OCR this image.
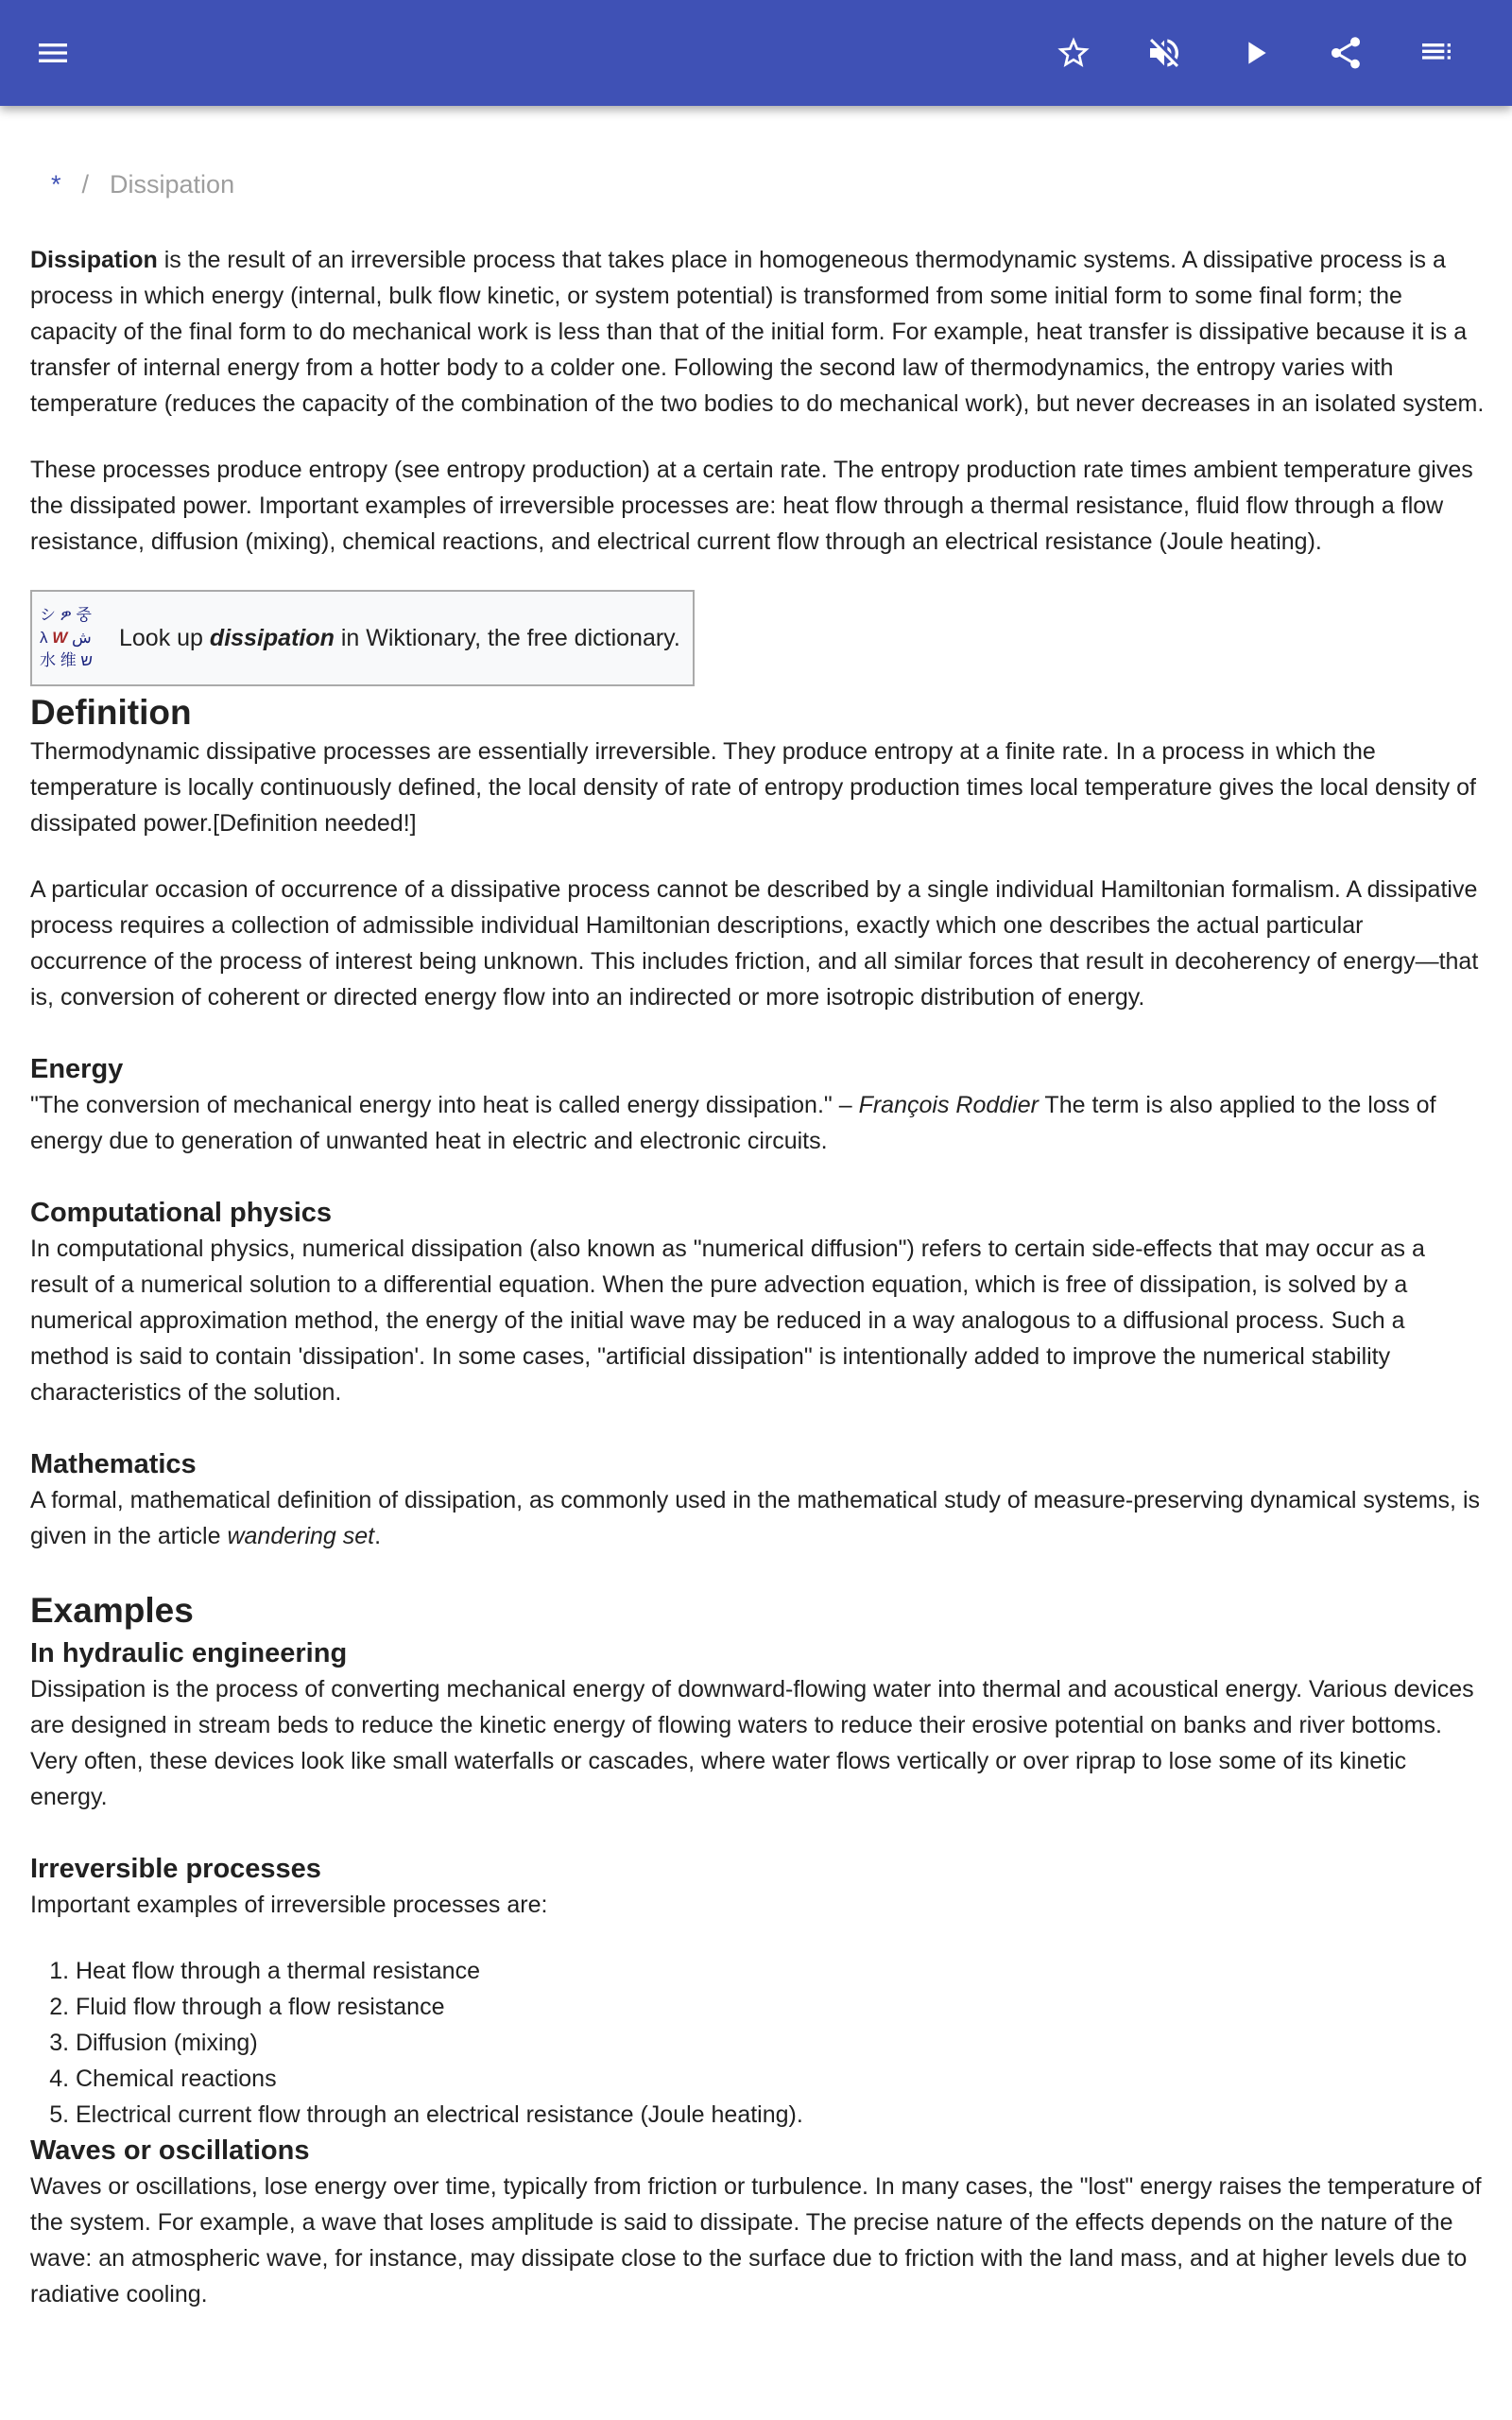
* / Dissipation

Dissipation is the result of an irreversible process that takes place in homogeneous thermodynamic systems. A dissipative process is a process in which energy (internal, bulk flow kinetic, or system potential) is transformed from some initial form to some final form; the capacity of the final form to do mechanical work is less than that of the initial form. For example, heat transfer is dissipative because it is a transfer of internal energy from a hotter body to a colder one. Following the second law of thermodynamics, the entropy varies with temperature (reduces the capacity of the combination of the two bodies to do mechanical work), but never decreases in an isolated system.

These processes produce entropy (see entropy production) at a certain rate. The entropy production rate times ambient temperature gives the dissipated power. Important examples of irreversible processes are: heat flow through a thermal resistance, fluid flow through a flow resistance, diffusion (mixing), chemical reactions, and electrical current flow through an electrical resistance (Joule heating).

シ ዎ 중
λ W ش
水 维 ש
Look up dissipation in Wiktionary, the free dictionary.
Definition

Thermodynamic dissipative processes are essentially irreversible. They produce entropy at a finite rate. In a process in which the temperature is locally continuously defined, the local density of rate of entropy production times local temperature gives the local density of dissipated power.[Definition needed!]

A particular occasion of occurrence of a dissipative process cannot be described by a single individual Hamiltonian formalism. A dissipative process requires a collection of admissible individual Hamiltonian descriptions, exactly which one describes the actual particular occurrence of the process of interest being unknown. This includes friction, and all similar forces that result in decoherency of energy—that is, conversion of coherent or directed energy flow into an indirected or more isotropic distribution of energy.

Energy

"The conversion of mechanical energy into heat is called energy dissipation." – François Roddier The term is also applied to the loss of energy due to generation of unwanted heat in electric and electronic circuits.

Computational physics

In computational physics, numerical dissipation (also known as "numerical diffusion") refers to certain side-effects that may occur as a result of a numerical solution to a differential equation. When the pure advection equation, which is free of dissipation, is solved by a numerical approximation method, the energy of the initial wave may be reduced in a way analogous to a diffusional process. Such a method is said to contain 'dissipation'. In some cases, "artificial dissipation" is intentionally added to improve the numerical stability characteristics of the solution.

Mathematics

A formal, mathematical definition of dissipation, as commonly used in the mathematical study of measure-preserving dynamical systems, is given in the article wandering set.

Examples
In hydraulic engineering

Dissipation is the process of converting mechanical energy of downward-flowing water into thermal and acoustical energy. Various devices are designed in stream beds to reduce the kinetic energy of flowing waters to reduce their erosive potential on banks and river bottoms. Very often, these devices look like small waterfalls or cascades, where water flows vertically or over riprap to lose some of its kinetic energy.

Irreversible processes

Important examples of irreversible processes are:

1. Heat flow through a thermal resistance
2. Fluid flow through a flow resistance
3. Diffusion (mixing)
4. Chemical reactions
5. Electrical current flow through an electrical resistance (Joule heating).
Waves or oscillations

Waves or oscillations, lose energy over time, typically from friction or turbulence. In many cases, the "lost" energy raises the temperature of the system. For example, a wave that loses amplitude is said to dissipate. The precise nature of the effects depends on the nature of the wave: an atmospheric wave, for instance, may dissipate close to the surface due to friction with the land mass, and at higher levels due to radiative cooling.
